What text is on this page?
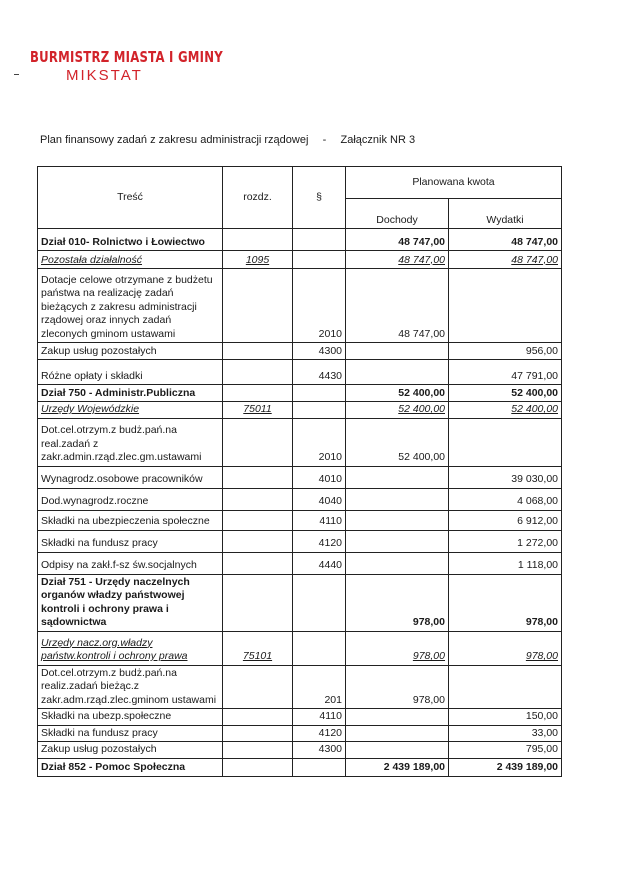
BURMISTRZ MIASTA I GMINY
MIKSTAT
Plan finansowy zadań z zakresu administracji rządowej - Załącznik NR 3
Treść	rozdz.	§	Planowana kwota	
			Dochody	Wydatki
Dział 010- Rolnictwo i Łowiectwo			48 747,00	48 747,00
Pozostała działalność	1095		48 747,00	48 747,00
Dotacje celowe otrzymane z budżetu państwa na realizację zadań bieżących z zakresu administracji rządowej oraz innych zadań zleconych gminom ustawami		2010	48 747,00	
Zakup usług pozostałych		4300		956,00
Różne opłaty i składki		4430		47 791,00
Dział 750 - Administr.Publiczna			52 400,00	52 400,00
Urzędy Wojewódzkie	75011		52 400,00	52 400,00
Dot.cel.otrzym.z budż.pań.na real.zadań z zakr.admin.rząd.zlec.gm.ustawami		2010	52 400,00	
Wynagrodz.osobowe pracowników		4010		39 030,00
Dod.wynagrodz.roczne		4040		4 068,00
Składki na ubezpieczenia społeczne		4110		6 912,00
Składki na fundusz pracy		4120		1 272,00
Odpisy na zakł.f-sz św.socjalnych		4440		1 118,00
Dział 751 - Urzędy naczelnych organów władzy państwowej kontroli i ochrony prawa i sądownictwa			978,00	978,00
Urzędy nacz.org.władzy państw.kontroli i ochrony prawa	75101		978,00	978,00
Dot.cel.otrzym.z budż.pań.na realiz.zadań bieżąc.z zakr.adm.rząd.zlec.gminom ustawami		201	978,00	
Składki na ubezp.społeczne		4110		150,00
Składki na fundusz pracy		4120		33,00
Zakup usług pozostałych		4300		795,00
Dział 852 - Pomoc Społeczna			2 439 189,00	2 439 189,00
